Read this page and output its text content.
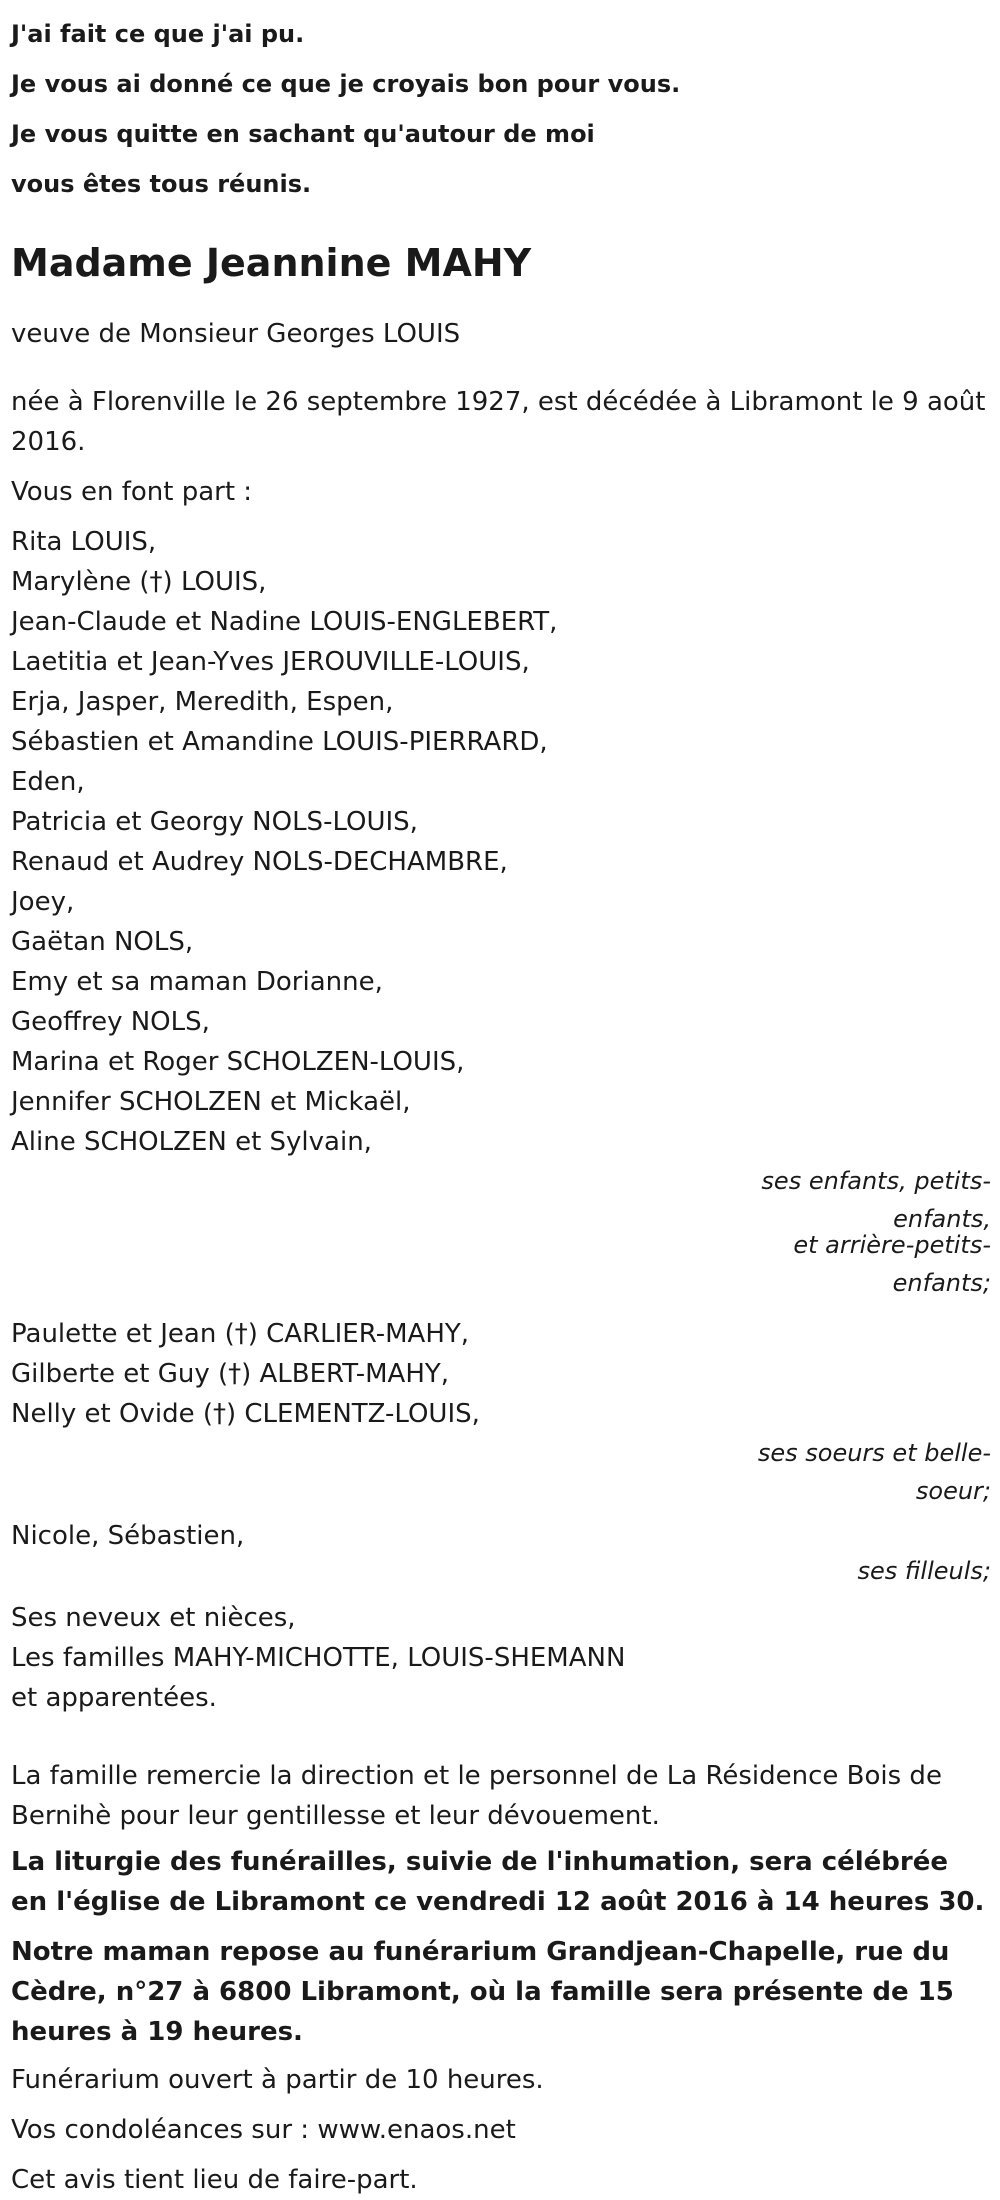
J'ai fait ce que j'ai pu.

Je vous ai donné ce que je croyais bon pour vous.

Je vous quitte en sachant qu'autour de moi

vous êtes tous réunis.

Madame Jeannine MAHY

veuve de Monsieur Georges LOUIS

née à Florenville le 26 septembre 1927, est décédée à Libramont le 9 août 2016.

Vous en font part :

Rita LOUIS,

Marylène (†) LOUIS,

Jean-Claude et Nadine LOUIS-ENGLEBERT,

Laetitia et Jean-Yves JEROUVILLE-LOUIS,

Erja, Jasper, Meredith, Espen,

Sébastien et Amandine LOUIS-PIERRARD,

Eden,

Patricia et Georgy NOLS-LOUIS,

Renaud et Audrey NOLS-DECHAMBRE,

Joey,

Gaëtan NOLS,

Emy et sa maman Dorianne,

Geoffrey NOLS,

Marina et Roger SCHOLZEN-LOUIS,

Jennifer SCHOLZEN et Mickaël,

Aline SCHOLZEN et Sylvain,

ses enfants, petits-enfants,
et arrière-petits-enfants;

Paulette et Jean (†) CARLIER-MAHY,

Gilberte et Guy (†) ALBERT-MAHY,

Nelly et Ovide (†) CLEMENTZ-LOUIS,

ses soeurs et belle-soeur;

Nicole, Sébastien,

ses filleuls;

Ses neveux et nièces,

Les familles MAHY-MICHOTTE, LOUIS-SHEMANN

et apparentées.

La famille remercie la direction et le personnel de La Résidence Bois de Bernihè pour leur gentillesse et leur dévouement.

La liturgie des funérailles, suivie de l'inhumation, sera célébrée en l'église de Libramont ce vendredi 12 août 2016 à 14 heures 30.

Notre maman repose au funérarium Grandjean-Chapelle, rue du Cèdre, n°27 à 6800 Libramont, où la famille sera présente de 15 heures à 19 heures.

Funérarium ouvert à partir de 10 heures.

Vos condoléances sur : www.enaos.net

Cet avis tient lieu de faire-part.
